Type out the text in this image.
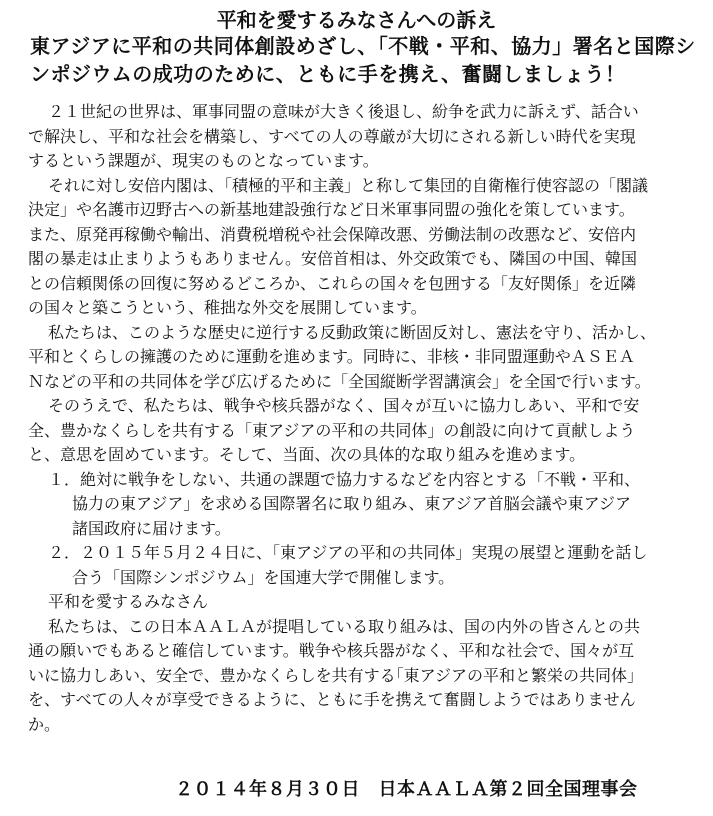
平和を愛するみなさんへの訴え
東アジアに平和の共同体創設めざし、「不戦・平和、協力」署名と国際シ
ンポジウムの成功のために、ともに手を携え、奮闘しましょう！
２１世紀の世界は、軍事同盟の意味が大きく後退し、紛争を武力に訴えず、話合い
で解決し、平和な社会を構築し、すべての人の尊厳が大切にされる新しい時代を実現
するという課題が、現実のものとなっています。
それに対し安倍内閣は、｢積極的平和主義」と称して集団的自衛権行使容認の「閣議
決定」や名護市辺野古への新基地建設強行など日米軍事同盟の強化を策しています。
また、原発再稼働や輸出、消費税増税や社会保障改悪、労働法制の改悪など、安倍内
閣の暴走は止まりようもありません。安倍首相は、外交政策でも、隣国の中国、韓国
との信頼関係の回復に努めるどころか、これらの国々を包囲する「友好関係」を近隣
の国々と築こうという、稚拙な外交を展開しています。
私たちは、このような歴史に逆行する反動政策に断固反対し、憲法を守り、活かし、
平和とくらしの擁護のために運動を進めます。同時に、非核・非同盟運動やＡＳＥＡ
Ｎなどの平和の共同体を学び広げるために「全国縦断学習講演会」を全国で行います。
そのうえで、私たちは、戦争や核兵器がなく、国々が互いに協力しあい、平和で安
全、豊かなくらしを共有する「東アジアの平和の共同体」の創設に向けて貢献しよう
と、意思を固めています。そして、当面、次の具体的な取り組みを進めます。
１．絶対に戦争をしない、共通の課題で協力するなどを内容とする「不戦・平和、
協力の東アジア」を求める国際署名に取り組み、東アジア首脳会議や東アジア
諸国政府に届けます。
２．２０１５年５月２４日に、｢東アジアの平和の共同体」実現の展望と運動を話し
合う「国際シンポジウム」を国連大学で開催します。
平和を愛するみなさん
私たちは、この日本ＡＡＬＡが提唱している取り組みは、国の内外の皆さんとの共
通の願いでもあると確信しています。戦争や核兵器がなく、平和な社会で、国々が互
いに協力しあい、安全で、豊かなくらしを共有する｢東アジアの平和と繁栄の共同体」
を、すべての人々が享受できるように、ともに手を携えて奮闘しようではありません
か。
２０１４年８月３０日　日本ＡＡＬＡ第２回全国理事会
